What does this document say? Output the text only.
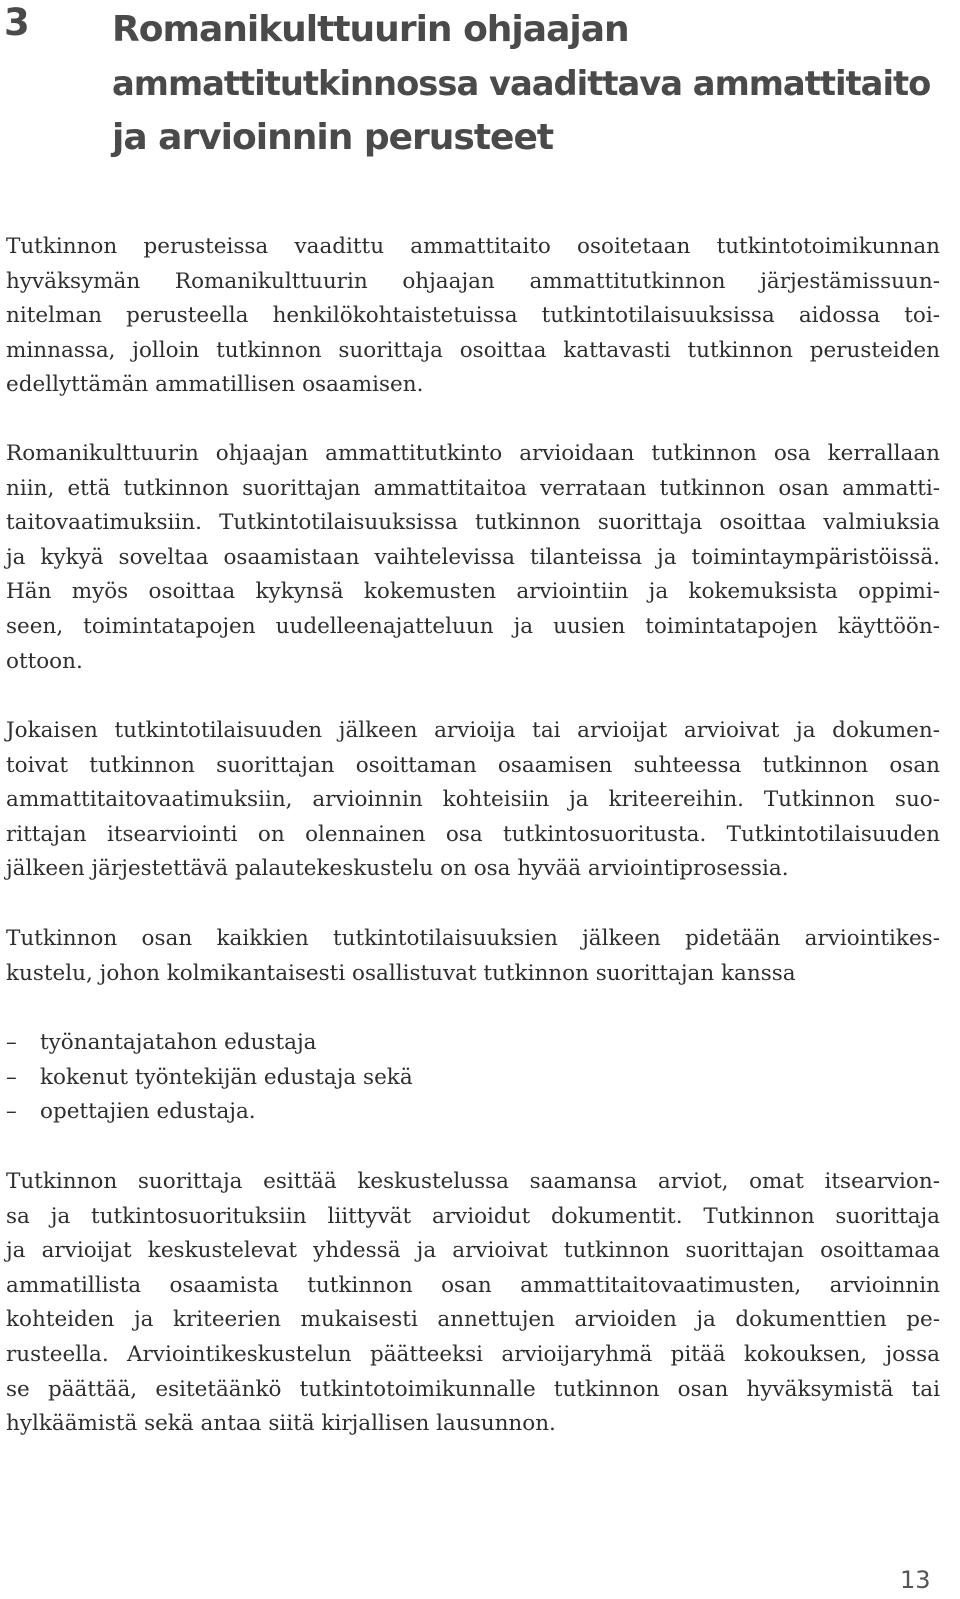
3 Romanikulttuurin ohjaajan
ammattitutkinnossa vaadittava ammattitaito
ja arvioinnin perusteet
Tutkinnon perusteissa vaadittu ammattitaito osoitetaan tutkintotoimikunnan
hyväksymän Romanikulttuurin ohjaajan ammattitutkinnon järjestämissuun-
nitelman perusteella henkilökohtaistetuissa tutkintotilaisuuksissa aidossa toi-
minnassa, jolloin tutkinnon suorittaja osoittaa kattavasti tutkinnon perusteiden
edellyttämän ammatillisen osaamisen.
Romanikulttuurin ohjaajan ammattitutkinto arvioidaan tutkinnon osa kerrallaan
niin, että tutkinnon suorittajan ammattitaitoa verrataan tutkinnon osan ammatti-
taitovaatimuksiin. Tutkintotilaisuuksissa tutkinnon suorittaja osoittaa valmiuksia
ja kykyä soveltaa osaamistaan vaihtelevissa tilanteissa ja toimintaympäristöissä.
Hän myös osoittaa kykynsä kokemusten arviointiin ja kokemuksista oppimi-
seen, toimintatapojen uudelleenajatteluun ja uusien toimintatapojen käyttöön-
ottoon.
Jokaisen tutkintotilaisuuden jälkeen arvioija tai arvioijat arvioivat ja dokumen-
toivat tutkinnon suorittajan osoittaman osaamisen suhteessa tutkinnon osan
ammattitaitovaatimuksiin, arvioinnin kohteisiin ja kriteereihin. Tutkinnon suo-
rittajan itsearviointi on olennainen osa tutkintosuoritusta. Tutkintotilaisuuden
jälkeen järjestettävä palautekeskustelu on osa hyvää arviointiprosessia.
Tutkinnon osan kaikkien tutkintotilaisuuksien jälkeen pidetään arviointikes-
kustelu, johon kolmikantaisesti osallistuvat tutkinnon suorittajan kanssa
– työnantajatahon edustaja
– kokenut työntekijän edustaja sekä
– opettajien edustaja.
Tutkinnon suorittaja esittää keskustelussa saamansa arviot, omat itsearvion-
sa ja tutkintosuorituksiin liittyvät arvioidut dokumentit. Tutkinnon suorittaja
ja arvioijat keskustelevat yhdessä ja arvioivat tutkinnon suorittajan osoittamaa
ammatillista osaamista tutkinnon osan ammattitaitovaatimusten, arvioinnin
kohteiden ja kriteerien mukaisesti annettujen arvioiden ja dokumenttien pe-
rusteella. Arviointikeskustelun päätteeksi arvioijaryhmä pitää kokouksen, jossa
se päättää, esitetäänkö tutkintotoimikunnalle tutkinnon osan hyväksymistä tai
hylkäämistä sekä antaa siitä kirjallisen lausunnon.
13
